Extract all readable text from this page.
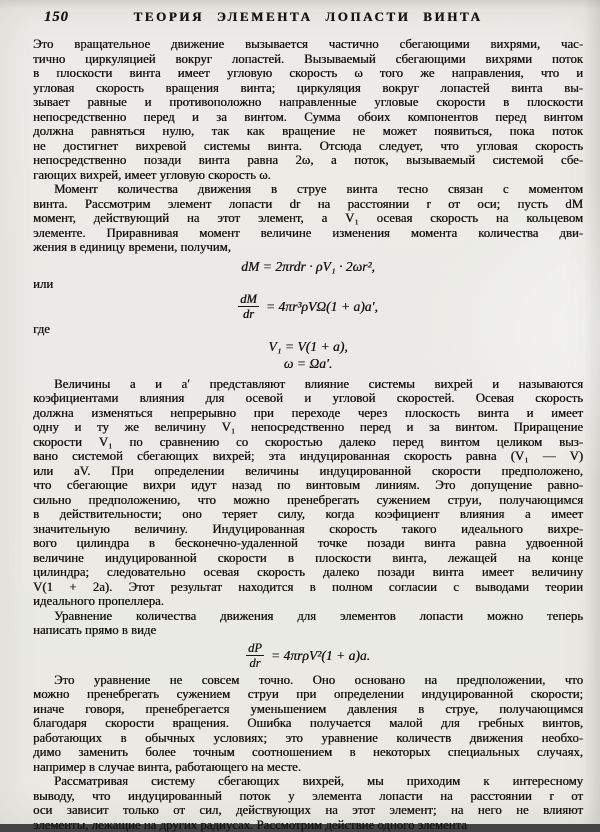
150	ТЕОРИЯ ЭЛЕМЕНТА ЛОПАСТИ ВИНТА
Это вращательное движение вызывается частично сбегающими вихрями, час-
тично циркуляцией вокруг лопастей. Вызываемый сбегающими вихрями поток
в плоскости винта имеет угловую скорость ω того же направления, что и
угловая скорость вращения винта; циркуляция вокруг лопастей винта вы-
зывает равные и противоположно направленные угловые скорости в плоскости
непосредственно перед и за винтом. Сумма обоих компонентов перед винтом
должна равняться нулю, так как вращение не может появиться, пока поток
не достигнет вихревой системы винта. Отсюда следует, что угловая скорость
непосредственно позади винта равна 2ω, а поток, вызываемый системой сбе-
гающих вихрей, имеет угловую скорость ω.
Момент количества движения в струе винта тесно связан с моментом
винта. Рассмотрим элемент лопасти dr на расстоянии r от оси; пусть dM
момент, действующий на этот элемент, а V₁ осевая скорость на кольцевом
элементе. Приравнивая момент величине изменения момента количества дви-
жения в единицу времени, получим,
dM = 2πrdr · ρV₁ · 2ωr²,
или
$\frac{dM}{dr} = 4\pi r^3\rho V\Omega(1 + a)a'$,
где
V₁ = V(1 + a),
ω = Ωa′.
Величины a и a′ представляют влияние системы вихрей и называются
коэфициентами влияния для осевой и угловой скоростей. Осевая скорость
должна изменяться непрерывно при переходе через плоскость винта и имеет
одну и ту же величину V₁ непосредственно перед и за винтом. Приращение
скорости V₁ по сравнению со скоростью далеко перед винтом целиком выз-
вано системой сбегающих вихрей; эта индуцированная скорость равна (V₁ — V)
или aV. При определении величины индуцированной скорости предположено,
что сбегающие вихри идут назад по винтовым линиям. Это допущение равно-
сильно предположению, что можно пренебрегать сужением струи, получающимся
в действительности; оно теряет силу, когда коэфициент влияния a имеет
значительную величину. Индуцированная скорость такого идеального вихре-
вого цилиндра в бесконечно-удаленной точке позади винта равна удвоенной
величине индуцированной скорости в плоскости винта, лежащей на конце
цилиндра; следовательно осевая скорость далеко позади винта имеет величину
V(1 + 2a). Этот результат находится в полном согласии с выводами теории
идеального пропеллера.
Уравнение количества движения для элементов лопасти можно теперь
написать прямо в виде
$\frac{dP}{dr} = 4\pi r\rho V^2(1 + a)a$.
Это уравнение не совсем точно. Оно основано на предположении, что
можно пренебрегать сужением струи при определении индуцированной скорости;
иначе говоря, пренебрегается уменьшением давления в струе, получающимся
благодаря скорости вращения. Ошибка получается малой для гребных винтов,
работающих в обычных условиях; это уравнение количеств движения необхо-
димо заменить более точным соотношением в некоторых специальных случаях,
например в случае винта, работающего на месте.
Рассматривая систему сбегающих вихрей, мы приходим к интересному
выводу, что индуцированный поток у элемента лопасти на расстоянии r от
оси зависит только от сил, действующих на этот элемент; на него не влияют
элементы, лежащие на других радиусах. Рассмотрим действие одного элемента
